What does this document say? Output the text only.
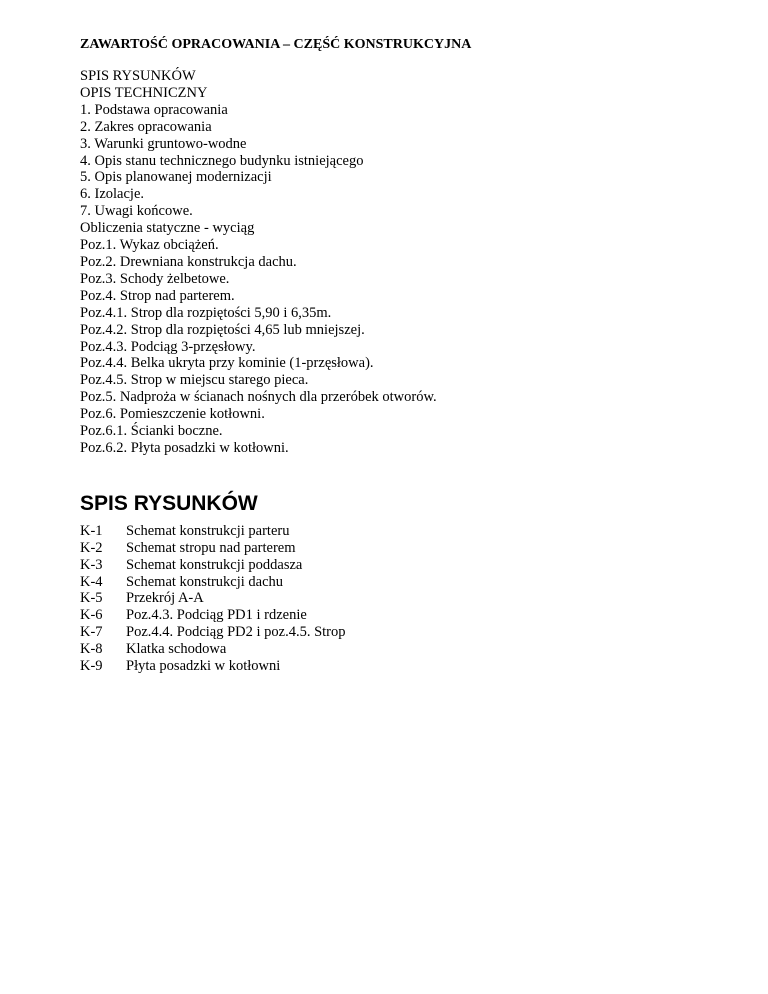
ZAWARTOŚĆ OPRACOWANIA – CZĘŚĆ KONSTRUKCYJNA

SPIS RYSUNKÓW

OPIS TECHNICZNY

1. Podstawa opracowania

2. Zakres opracowania

3. Warunki gruntowo-wodne

4. Opis stanu technicznego budynku istniejącego

5. Opis planowanej modernizacji

6. Izolacje.

7. Uwagi końcowe.

Obliczenia statyczne - wyciąg

Poz.1. Wykaz obciążeń.

Poz.2. Drewniana konstrukcja dachu.

Poz.3. Schody żelbetowe.

Poz.4. Strop nad parterem.

Poz.4.1. Strop dla rozpiętości 5,90 i 6,35m.

Poz.4.2. Strop dla rozpiętości 4,65 lub mniejszej.

Poz.4.3. Podciąg 3-przęsłowy.

Poz.4.4. Belka ukryta przy kominie (1-przęsłowa).

Poz.4.5. Strop w miejscu starego pieca.

Poz.5. Nadproża w ścianach nośnych dla przeróbek otworów.

Poz.6. Pomieszczenie kotłowni.

Poz.6.1. Ścianki boczne.

Poz.6.2. Płyta posadzki w kotłowni.

SPIS RYSUNKÓW
K-1	Schemat konstrukcji parteru
K-2	Schemat stropu nad parterem
K-3	Schemat konstrukcji poddasza
K-4	Schemat konstrukcji dachu
K-5	Przekrój A-A
K-6	Poz.4.3. Podciąg PD1 i rdzenie
K-7	Poz.4.4. Podciąg PD2 i poz.4.5. Strop
K-8	Klatka schodowa
K-9	Płyta posadzki w kotłowni
